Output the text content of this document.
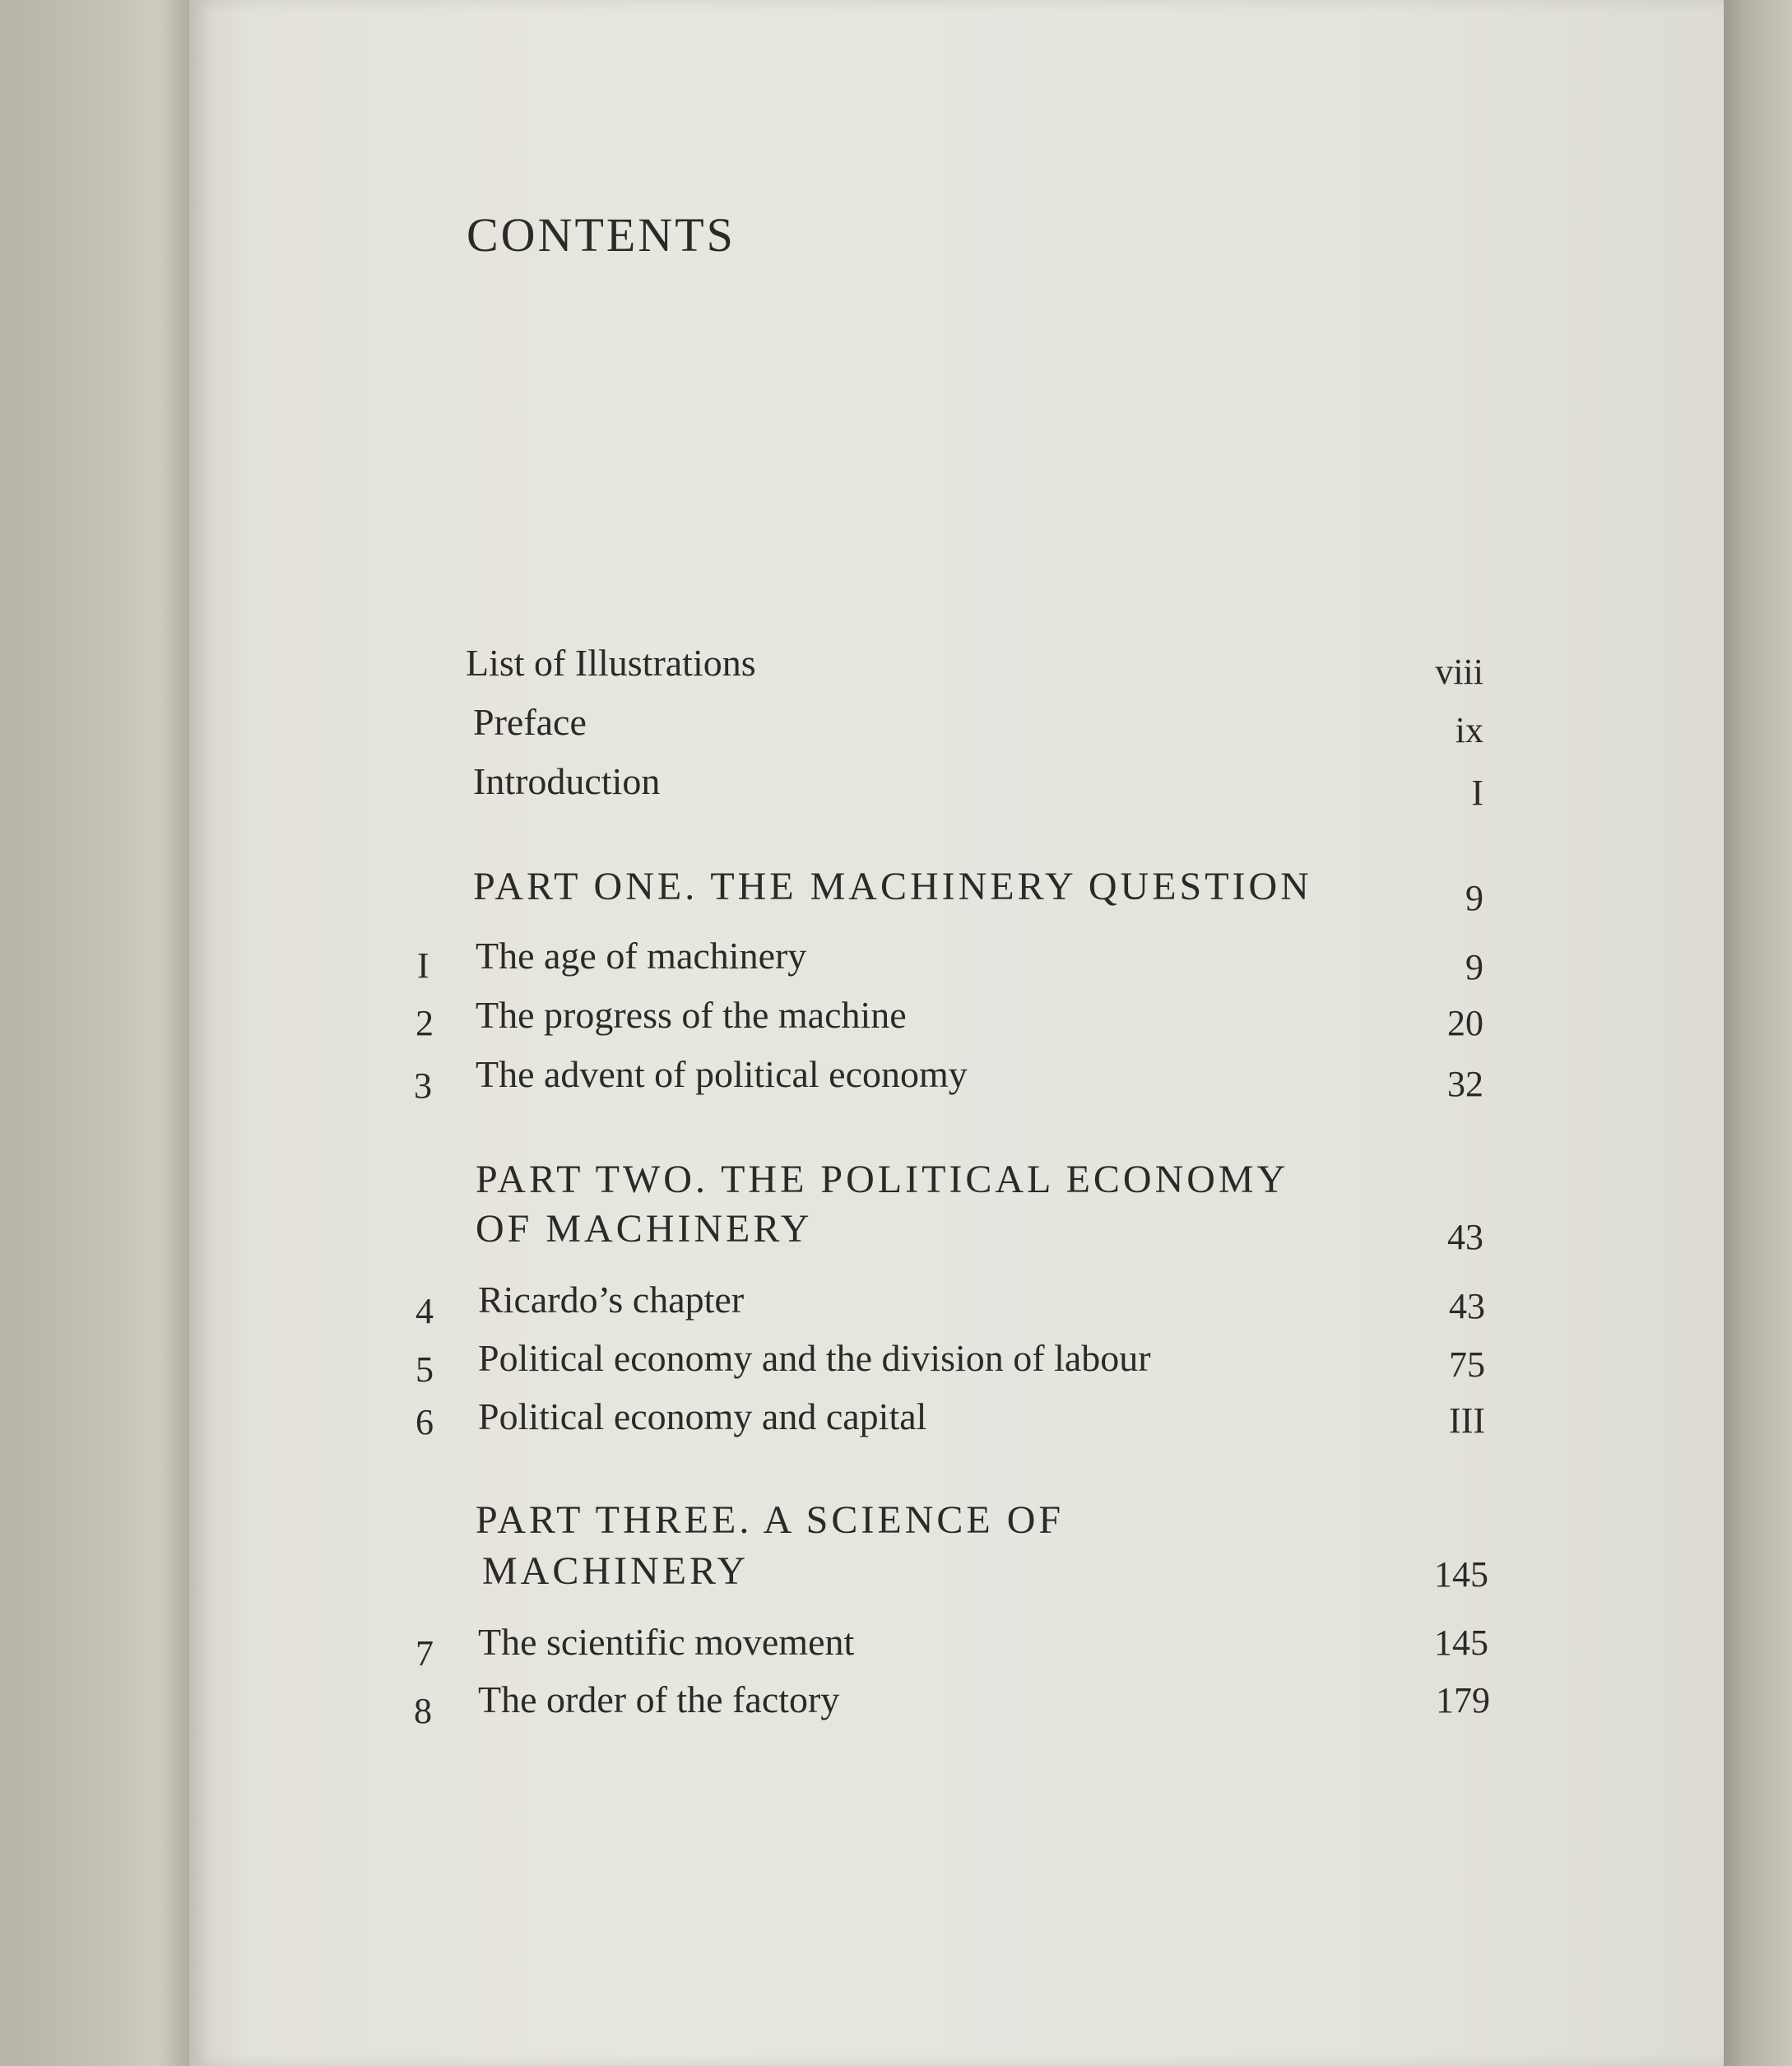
CONTENTS
List of Illustrations	viii
Preface	ix
Introduction	I
PART ONE. THE MACHINERY QUESTION	9
I The age of machinery	9
2 The progress of the machine	20
3 The advent of political economy	32
PART TWO. THE POLITICAL ECONOMY
OF MACHINERY	43
4 Ricardo’s chapter	43
5 Political economy and the division of labour	75
6 Political economy and capital	III
PART THREE. A SCIENCE OF
MACHINERY	145
7 The scientific movement	145
8 The order of the factory	179
